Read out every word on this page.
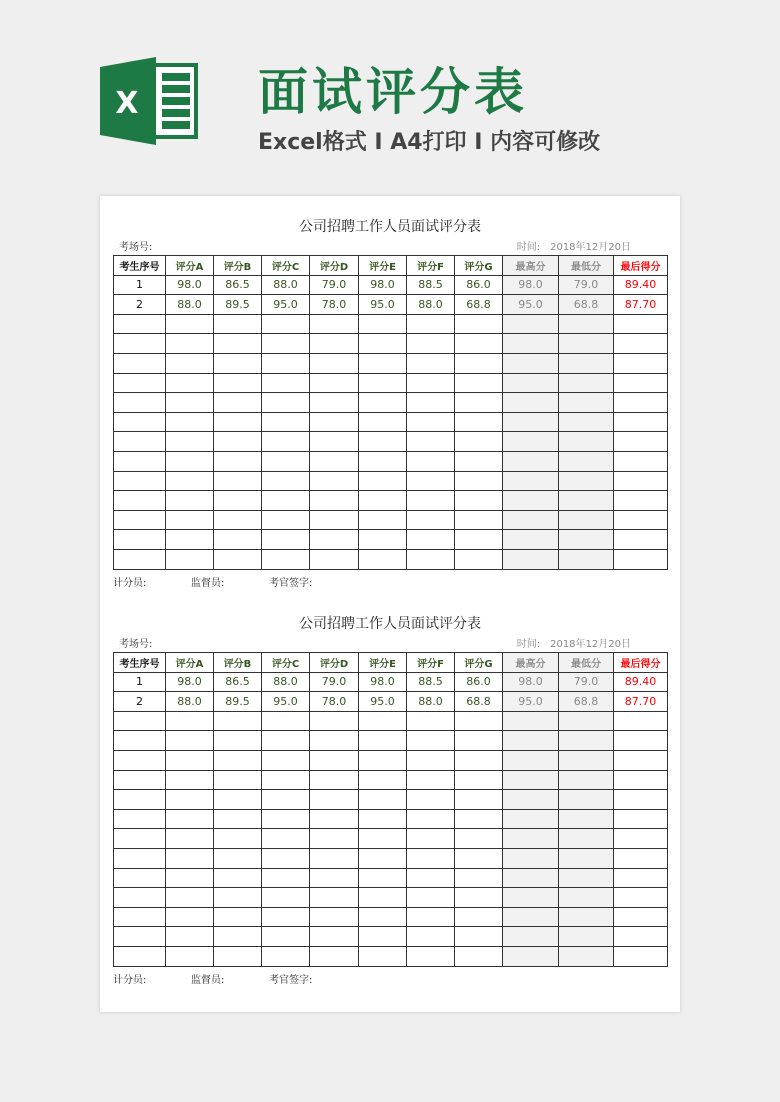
X 面试评分表
Excel格式 I A4打印 I 内容可修改
公司招聘工作人员面试评分表
考场号:	时间: 2018年12月20日
考生序号	评分A	评分B	评分C	评分D	评分E	评分F	评分G	最高分	最低分	最后得分
1	98.0	86.5	88.0	79.0	98.0	88.5	86.0	98.0	79.0	89.40
2	88.0	89.5	95.0	78.0	95.0	88.0	68.8	95.0	68.8	87.70

计分员:	监督员:	考官签字:
公司招聘工作人员面试评分表
考场号:	时间: 2018年12月20日
考生序号	评分A	评分B	评分C	评分D	评分E	评分F	评分G	最高分	最低分	最后得分
1	98.0	86.5	88.0	79.0	98.0	88.5	86.0	98.0	79.0	89.40
2	88.0	89.5	95.0	78.0	95.0	88.0	68.8	95.0	68.8	87.70

计分员:	监督员:	考官签字:
